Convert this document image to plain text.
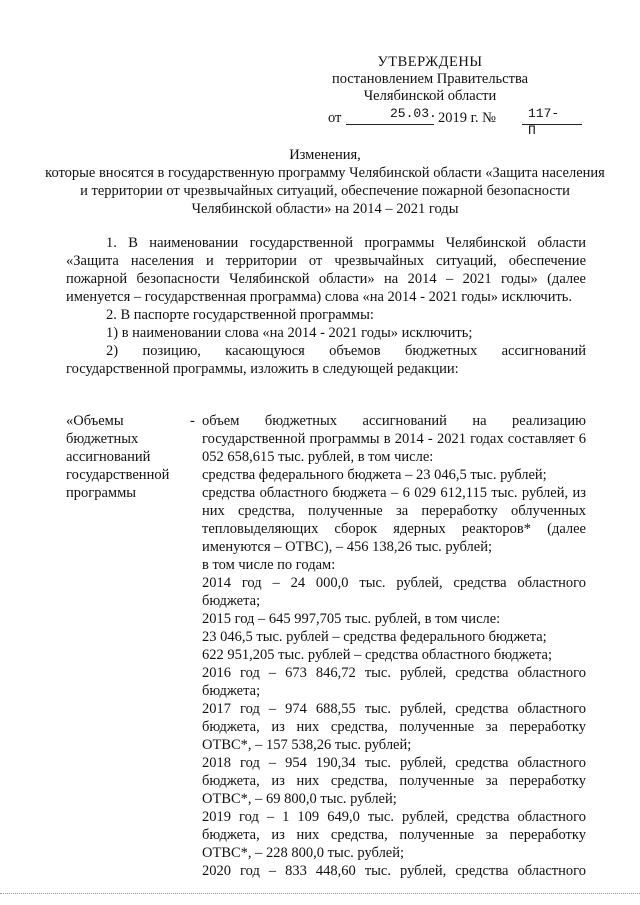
УТВЕРЖДЕНЫ
постановлением Правительства
Челябинской области
от	25.03. 2019 г. № 117-П
Изменения,
которые вносятся в государственную программу Челябинской области «Защита населения и территории от чрезвычайных ситуаций, обеспечение пожарной безопасности Челябинской области» на 2014 – 2021 годы

1. В наименовании государственной программы Челябинской области «Защита населения и территории от чрезвычайных ситуаций, обеспечение пожарной безопасности Челябинской области» на 2014 – 2021 годы» (далее именуется – государственная программа) слова «на 2014 - 2021 годы» исключить.

2. В паспорте государственной программы:

1) в наименовании слова «на 2014 - 2021 годы» исключить;

2) позицию, касающуюся объемов бюджетных ассигнований государственной программы, изложить в следующей редакции:

«Объемы
бюджетных
ассигнований
государственной
программы
- объем бюджетных ассигнований на реализацию государственной программы в 2014 - 2021 годах составляет 6 052 658,615 тыс. рублей, в том числе:

средства федерального бюджета – 23 046,5 тыс. рублей;

средства областного бюджета – 6 029 612,115 тыс. рублей, из них средства, полученные за переработку облученных тепловыделяющих сборок ядерных реакторов* (далее именуются – ОТВС), – 456 138,26 тыс. рублей;

в том числе по годам:

2014 год – 24 000,0 тыс. рублей, средства областного бюджета;

2015 год – 645 997,705 тыс. рублей, в том числе:

23 046,5 тыс. рублей – средства федерального бюджета;

622 951,205 тыс. рублей – средства областного бюджета;

2016 год – 673 846,72 тыс. рублей, средства областного бюджета;

2017 год – 974 688,55 тыс. рублей, средства областного бюджета, из них средства, полученные за переработку ОТВС*, – 157 538,26 тыс. рублей;

2018 год – 954 190,34 тыс. рублей, средства областного бюджета, из них средства, полученные за переработку ОТВС*, – 69 800,0 тыс. рублей;

2019 год – 1 109 649,0 тыс. рублей, средства областного бюджета, из них средства, полученные за переработку ОТВС*, – 228 800,0 тыс. рублей;

2020 год – 833 448,60 тыс. рублей, средства областного
